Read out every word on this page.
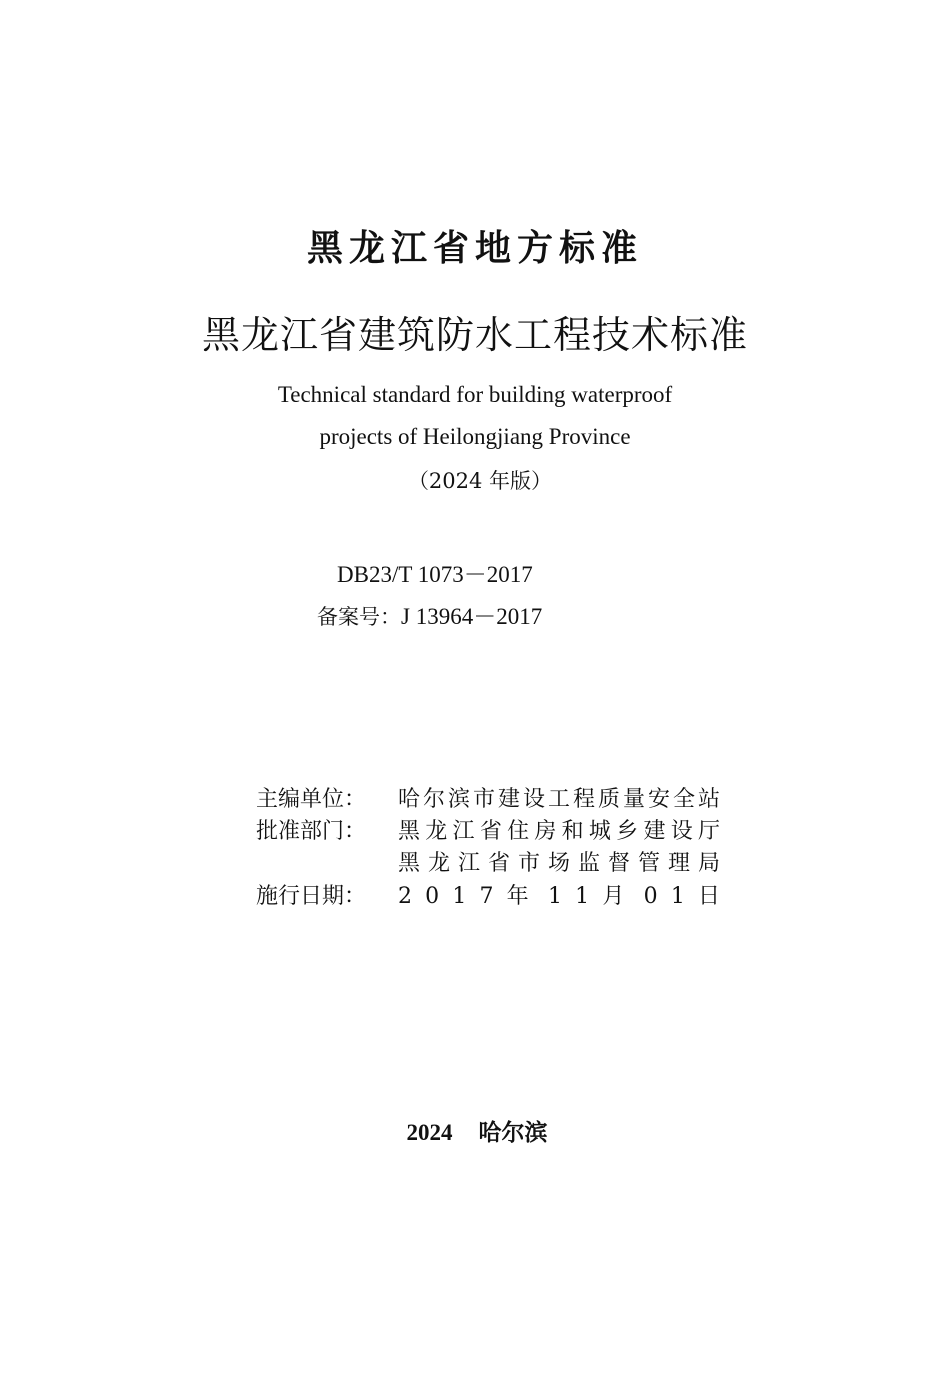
黑龙江省地方标准
黑龙江省建筑防水工程技术标准
Technical standard for building waterproof
projects of Heilongjiang Province
（2024 年版）
DB23/T 1073－2017
备案号：J 13964－2017
主编单位： 哈尔滨市建设工程质量安全站
批准部门： 黑龙江省住房和城乡建设厅
黑龙江省市场监督管理局
施行日期： 2 0 1 7 年 1 1 月 0 1 日
2024 哈尔滨
